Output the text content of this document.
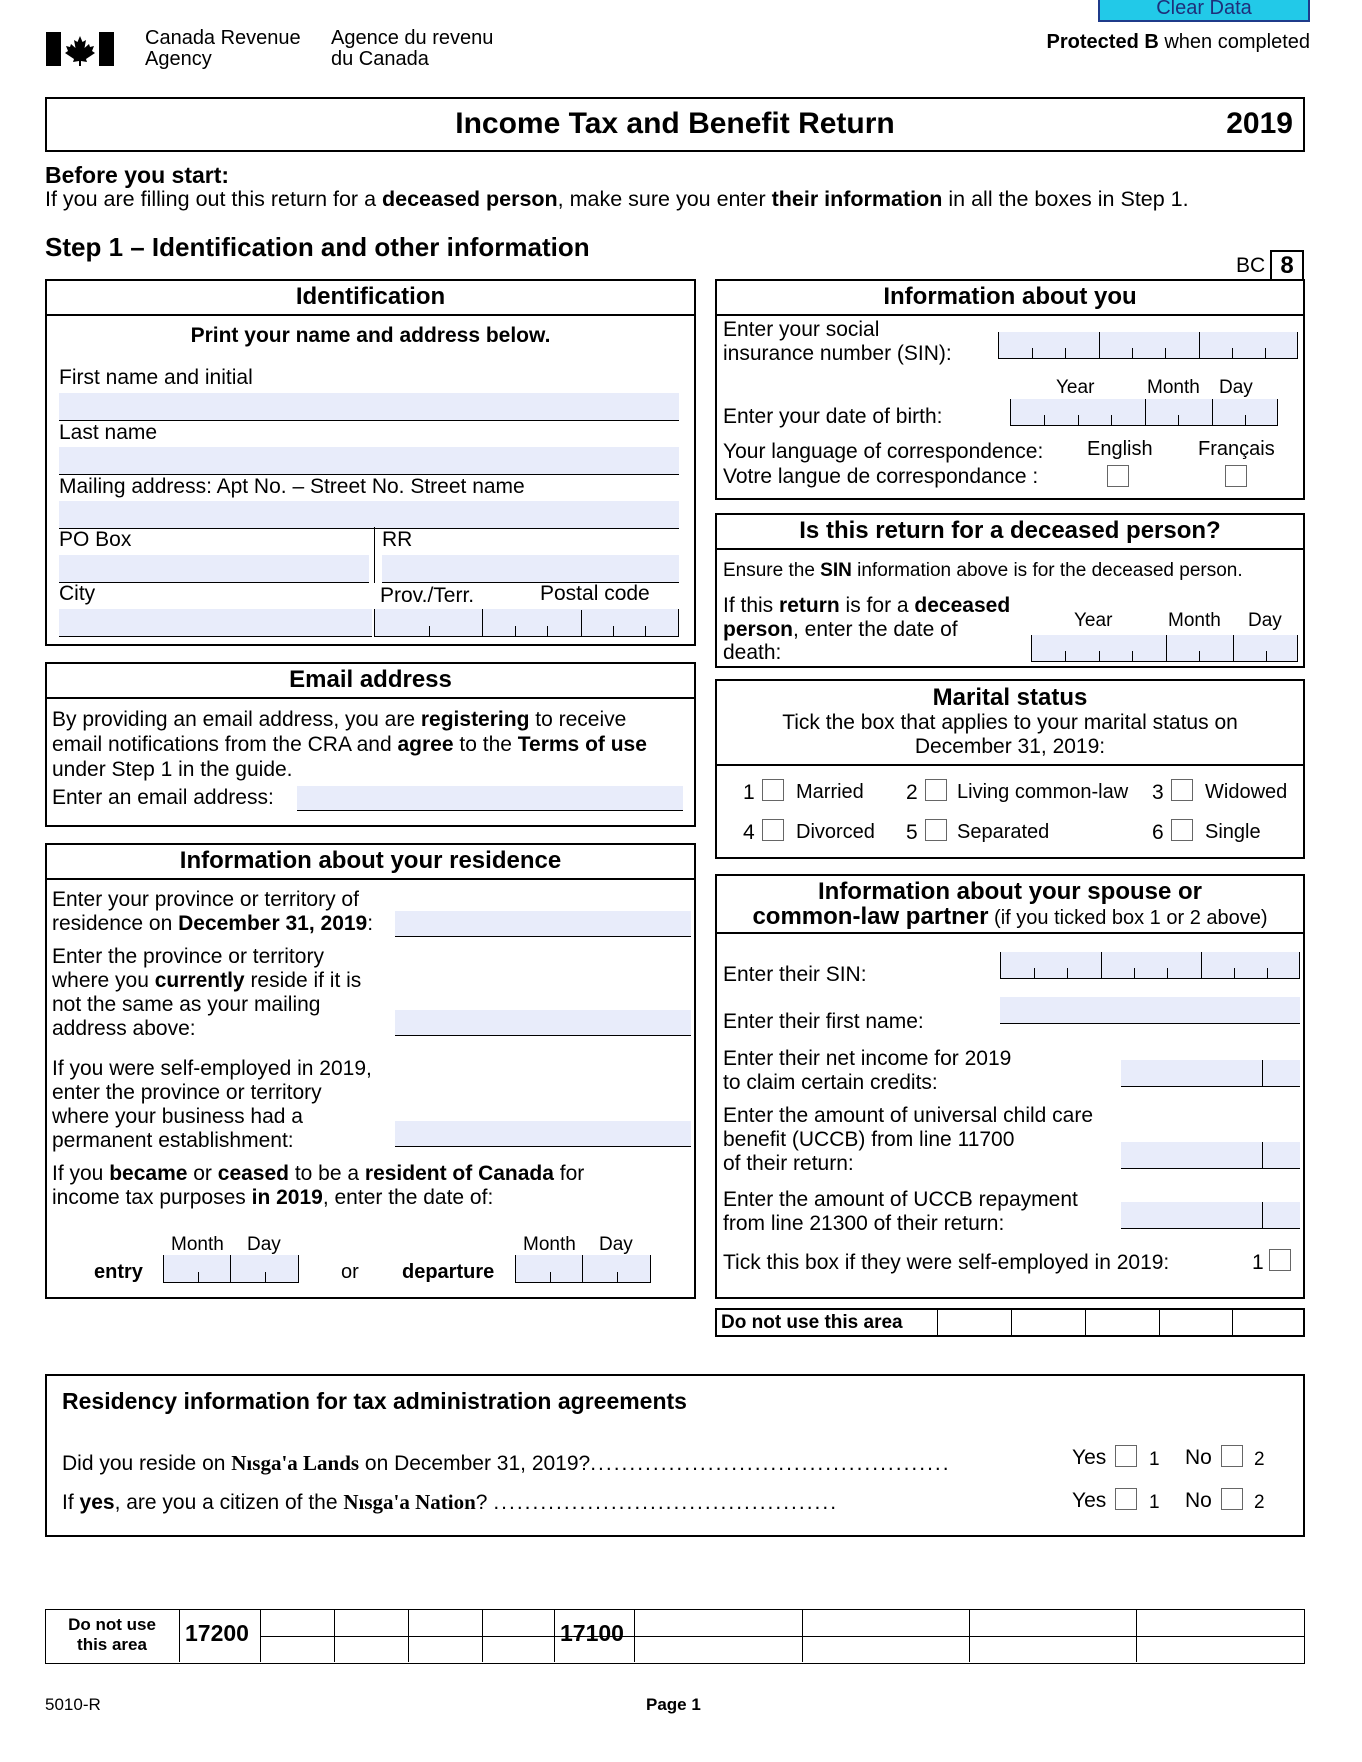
Canada Revenue
Agency
Agence du revenu
du Canada
Clear Data
Protected B when completed
Income Tax and Benefit Return	2019
Before you start:
If you are filling out this return for a deceased person, make sure you enter their information in all the boxes in Step 1.
Step 1 – Identification and other information
BC 8
Identification
Print your name and address below.
First name and initial
Last name
Mailing address: Apt No. – Street No. Street name
PO Box	RR
City	Prov./Terr.	Postal code
Email address
By providing an email address, you are registering to receive
email notifications from the CRA and agree to the Terms of use
under Step 1 in the guide.
Enter an email address:
Information about your residence
Enter your province or territory of
residence on December 31, 2019:
Enter the province or territory
where you currently reside if it is
not the same as your mailing
address above:
If you were self-employed in 2019,
enter the province or territory
where your business had a
permanent establishment:
If you became or ceased to be a resident of Canada for
income tax purposes in 2019, enter the date of:
Month Day
entry	or
Month Day
departure
Information about you
Enter your social
insurance number (SIN):
Year	Month Day
Enter your date of birth:
Your language of correspondence:
Votre langue de correspondance :
English Français
Is this return for a deceased person?
Ensure the SIN information above is for the deceased person.
If this return is for a deceased
person, enter the date of
death:
Year	Month Day
Marital status
Tick the box that applies to your marital status on
December 31, 2019:
1 Married 2 Living common-law 3 Widowed
4 Divorced 5 Separated	6 Single
Information about your spouse or
common-law partner (if you ticked box 1 or 2 above)
Enter their SIN:
Enter their first name:
Enter their net income for 2019
to claim certain credits:
Enter the amount of universal child care
benefit (UCCB) from line 11700
of their return:
Enter the amount of UCCB repayment
from line 21300 of their return:
Tick this box if they were self-employed in 2019:	1
Do not use this area
Residency information for tax administration agreements
Did you reside on Nısga'a Lands on December 31, 2019?..............................................	Yes 1 No 2
If yes, are you a citizen of the Nısga'a Nation? ............................................	Yes 1 No 2
Do not use
this area	17200	17100
5010-R	Page 1
